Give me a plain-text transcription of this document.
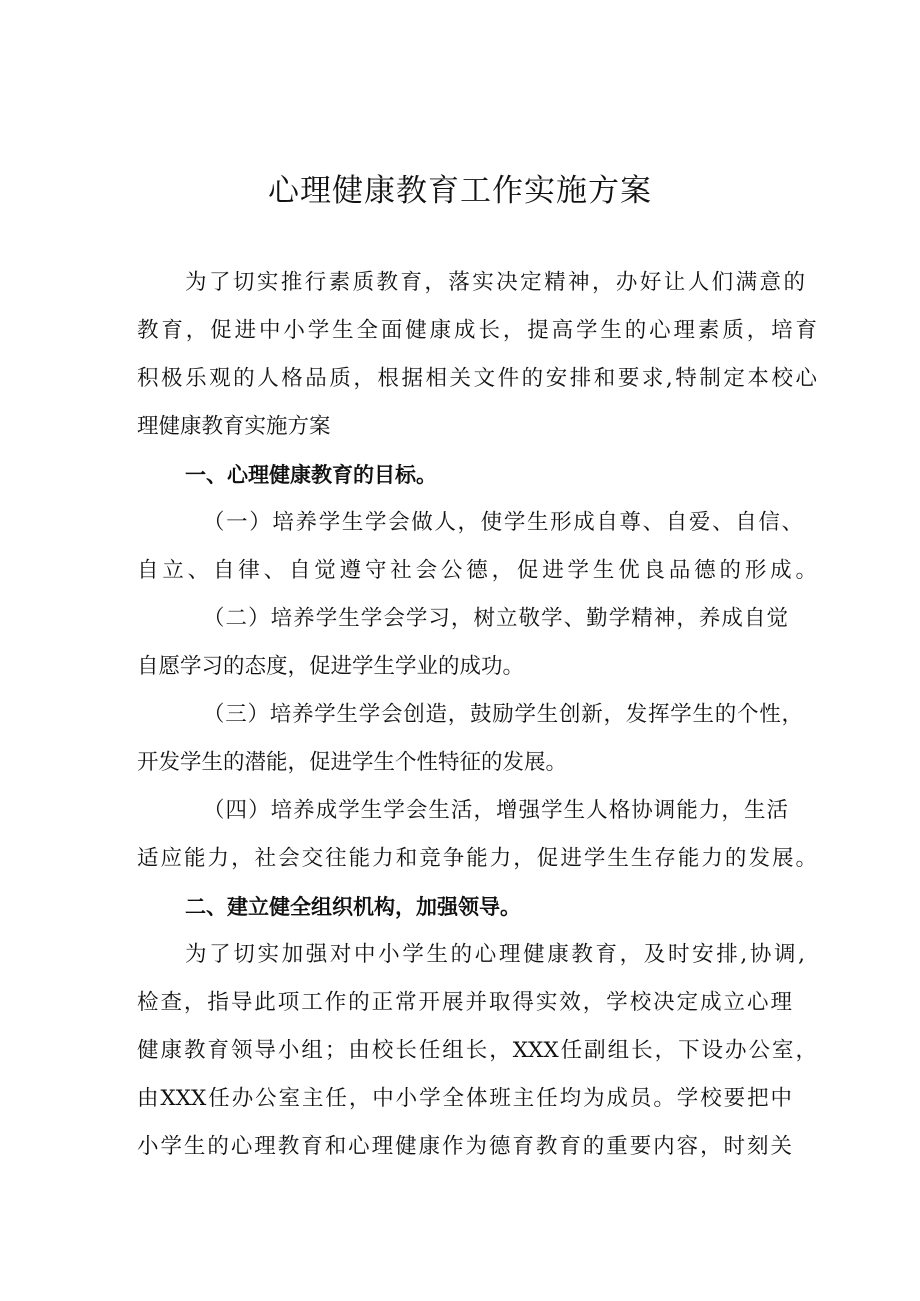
心理健康教育工作实施方案

为了切实推行素质教育，落实决定精神，办好让人们满意的

教育，促进中小学生全面健康成长，提高学生的心理素质，培育

积极乐观的人格品质，根据相关文件的安排和要求,特制定本校心

理健康教育实施方案

一、心理健康教育的目标。

（一）培养学生学会做人，使学生形成自尊、自爱、自信、

自立、自律、自觉遵守社会公德，促进学生优良品德的形成。

（二）培养学生学会学习，树立敬学、勤学精神，养成自觉

自愿学习的态度，促进学生学业的成功。

（三）培养学生学会创造，鼓励学生创新，发挥学生的个性，

开发学生的潜能，促进学生个性特征的发展。

（四）培养成学生学会生活，增强学生人格协调能力，生活

适应能力，社会交往能力和竞争能力，促进学生生存能力的发展。

二、建立健全组织机构，加强领导。

为了切实加强对中小学生的心理健康教育，及时安排,协调,

检查，指导此项工作的正常开展并取得实效，学校决定成立心理

健康教育领导小组；由校长任组长，XXX任副组长，下设办公室，

由XXX任办公室主任，中小学全体班主任均为成员。学校要把中

小学生的心理教育和心理健康作为德育教育的重要内容，时刻关
